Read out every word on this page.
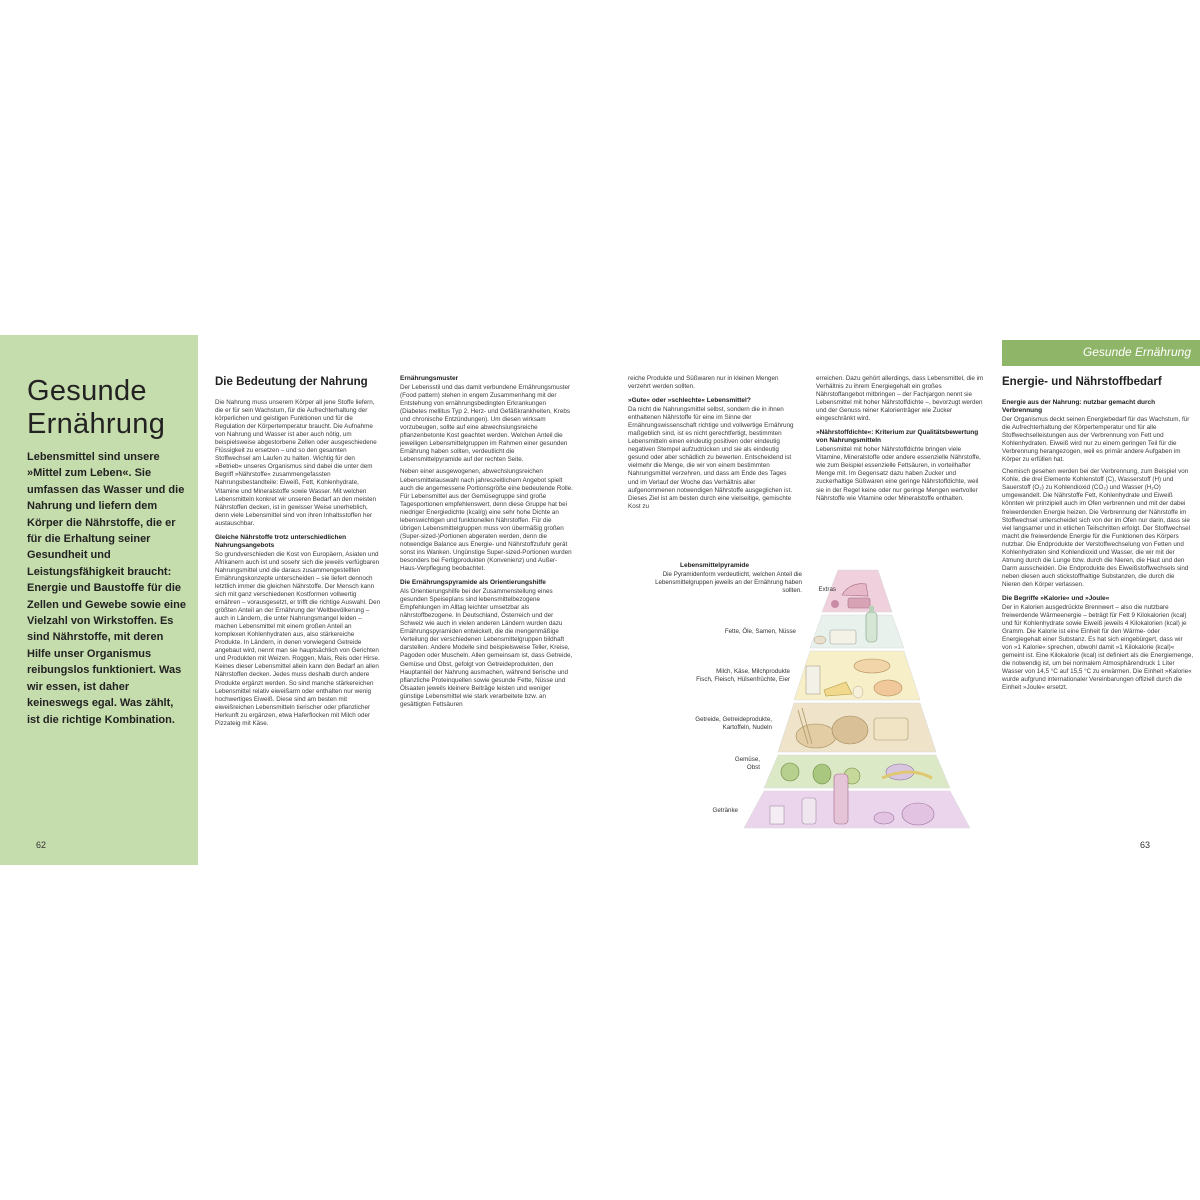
Gesunde Ernährung

Lebensmittel sind unsere »Mittel zum Leben«. Sie umfassen das Wasser und die Nahrung und liefern dem Körper die Nährstoffe, die er für die Erhaltung seiner Gesundheit und Leistungsfähigkeit braucht: Energie und Baustoffe für die Zellen und Gewebe sowie eine Vielzahl von Wirkstoffen. Es sind Nährstoffe, mit deren Hilfe unser Organismus reibungslos funktioniert. Was wir essen, ist daher keineswegs egal. Was zählt, ist die richtige Kombination.

62
Die Bedeutung der Nahrung

Die Nahrung muss unserem Körper all jene Stoffe liefern, die er für sein Wachstum, für die Aufrechterhaltung der körperlichen und geistigen Funktionen und für die Regulation der Körpertemperatur braucht. Die Aufnahme von Nahrung und Wasser ist aber auch nötig, um beispielsweise abgestorbene Zellen oder ausgeschiedene Flüssigkeit zu ersetzen – und so den gesamten Stoffwechsel am Laufen zu halten. Wichtig für den »Betrieb« unseres Organismus sind dabei die unter dem Begriff »Nährstoffe« zusammengefassten Nahrungsbestandteile: Eiweiß, Fett, Kohlenhydrate, Vitamine und Mineralstoffe sowie Wasser. Mit welchen Lebensmitteln konkret wir unseren Bedarf an den meisten Nährstoffen decken, ist in gewisser Weise unerheblich, denn viele Lebensmittel sind von ihren Inhaltsstoffen her austauschbar.

Gleiche Nährstoffe trotz unterschiedlichen Nahrungsangebots

So grundverschieden die Kost von Europäern, Asiaten und Afrikanern auch ist und sosehr sich die jeweils verfügbaren Nahrungsmittel und die daraus zusammengestellten Ernährungskonzepte unterscheiden – sie liefert dennoch letztlich immer die gleichen Nährstoffe. Der Mensch kann sich mit ganz verschiedenen Kostformen vollwertig ernähren – vorausgesetzt, er trifft die richtige Auswahl. Den größten Anteil an der Ernährung der Weltbevölkerung – auch in Ländern, die unter Nahrungsmangel leiden – machen Lebensmittel mit einem großen Anteil an komplexen Kohlenhydraten aus, also stärkereiche Produkte. In Ländern, in denen vorwiegend Getreide angebaut wird, nennt man sie hauptsächlich von Gerichten und Produkten mit Weizen. Roggen, Mais, Reis oder Hirse. Keines dieser Lebensmittel allein kann den Bedarf an allen Nährstoffen decken. Jedes muss deshalb durch andere Produkte ergänzt werden. So sind manche stärkereichen Lebensmittel relativ eiweißarm oder enthalten nur wenig hochwertiges Eiweiß. Diese sind am besten mit eiweißreichen Lebensmitteln tierischer oder pflanzlicher Herkunft zu ergänzen, etwa Haferflocken mit Milch oder Pizzateig mit Käse.

Ernährungsmuster

Der Lebensstil und das damit verbundene Ernährungsmuster (Food pattern) stehen in engem Zusammenhang mit der Entstehung von ernährungsbedingten Erkrankungen (Diabetes mellitus Typ 2, Herz- und Gefäßkrankheiten, Krebs und chronische Entzündungen). Um diesen wirksam vorzubeugen, sollte auf eine abwechslungsreiche pflanzenbetonte Kost geachtet werden. Welchen Anteil die jeweiligen Lebensmittelgruppen im Rahmen einer gesunden Ernährung haben sollten, verdeutlicht die Lebensmittelpyramide auf der rechten Seite.

Neben einer ausgewogenen, abwechslungsreichen Lebensmittelauswahl nach jahreszeitlichem Angebot spielt auch die angemessene Portionsgröße eine bedeutende Rolle. Für Lebensmittel aus der Gemüsegruppe sind große Tagesportionen empfehlenswert, denn diese Gruppe hat bei niedriger Energiedichte (kcal/g) eine sehr hohe Dichte an lebenswichtigen und funktionellen Nährstoffen. Für die übrigen Lebensmittelgruppen muss von übermäßig großen (Super-sized-)Portionen abgeraten werden, denn die notwendige Balance aus Energie- und Nährstoffzufuhr gerät sonst ins Wanken. Ungünstige Super-sized-Portionen wurden besonders bei Fertigprodukten (Konvenienz) und Außer-Haus-Verpflegung beobachtet.

Die Ernährungspyramide als Orientierungshilfe

Als Orientierungshilfe bei der Zusammenstellung eines gesunden Speiseplans sind lebensmittelbezogene Empfehlungen im Alltag leichter umsetzbar als nährstoffbezogene. In Deutschland, Österreich und der Schweiz wie auch in vielen anderen Ländern wurden dazu Ernährungspyramiden entwickelt, die die mengenmäßige Verteilung der verschiedenen Lebensmittelgruppen bildhaft darstellen. Andere Modelle sind beispielsweise Teller, Kreise, Pagoden oder Muscheln. Allen gemeinsam ist, dass Getreide, Gemüse und Obst, gefolgt von Getreideprodukten, den Hauptanteil der Nahrung ausmachen, während tierische und pflanzliche Proteinquellen sowie gesunde Fette, Nüsse und Ölsaaten jeweils kleinere Beiträge leisten und weniger günstige Lebensmittel wie stark verarbeitete bzw. an gesättigten Fettsäuren

Gesunde Ernährung

reiche Produkte und Süßwaren nur in kleinen Mengen verzehrt werden sollten.

»Gute« oder »schlechte« Lebensmittel?

Da nicht die Nahrungsmittel selbst, sondern die in ihnen enthaltenen Nährstoffe für eine im Sinne der Ernährungswissenschaft richtige und vollwertige Ernährung maßgeblich sind, ist es nicht gerechtfertigt, bestimmten Lebensmitteln einen eindeutig positiven oder eindeutig negativen Stempel aufzudrücken und sie als eindeutig gesund oder aber schädlich zu bewerten. Entscheidend ist vielmehr die Menge, die wir von einem bestimmten Nahrungsmittel verzehren, und dass am Ende des Tages und im Verlauf der Woche das Verhältnis aller aufgenommenen notwendigen Nährstoffe ausgeglichen ist. Dieses Ziel ist am besten durch eine vielseitige, gemischte Kost zu

erreichen. Dazu gehört allerdings, dass Lebensmittel, die im Verhältnis zu ihrem Energiegehalt ein großes Nährstoffangebot mitbringen – der Fachjargon nennt sie Lebensmittel mit hoher Nährstoffdichte –, bevorzugt werden und der Genuss reiner Kalorienträger wie Zucker eingeschränkt wird.

»Nährstoffdichte«: Kriterium zur Qualitätsbewertung von Nahrungsmitteln

Lebensmittel mit hoher Nährstoffdichte bringen viele Vitamine, Mineralstoffe oder andere essenzielle Nährstoffe, wie zum Beispiel essenzielle Fettsäuren, in vorteilhafter Menge mit. Im Gegensatz dazu haben Zucker und zuckerhaltige Süßwaren eine geringe Nährstoffdichte, weil sie in der Regel keine oder nur geringe Mengen wertvoller Nährstoffe wie Vitamine oder Mineralstoffe enthalten.

Energie- und Nährstoffbedarf
Energie aus der Nahrung: nutzbar gemacht durch Verbrennung

Der Organismus deckt seinen Energiebedarf für das Wachstum, für die Aufrechterhaltung der Körpertemperatur und für alle Stoffwechselleistungen aus der Verbrennung von Fett und Kohlenhydraten. Eiweiß wird nur zu einem geringen Teil für die Verbrennung herangezogen, weil es primär andere Aufgaben im Körper zu erfüllen hat.

Chemisch gesehen werden bei der Verbrennung, zum Beispiel von Kohle, die drei Elemente Kohlenstoff (C), Wasserstoff (H) und Sauerstoff (O₂) zu Kohlendioxid (CO₂) und Wasser (H₂O) umgewandelt. Die Nährstoffe Fett, Kohlenhydrate und Eiweiß könnten wir prinzipiell auch im Ofen verbrennen und mit der dabei freiwerdenden Energie heizen. Die Verbrennung der Nährstoffe im Stoffwechsel unterscheidet sich von der im Ofen nur darin, dass sie viel langsamer und in etlichen Teilschritten erfolgt. Der Stoffwechsel macht die freiwerdende Energie für die Funktionen des Körpers nutzbar. Die Endprodukte der Verstoffwechselung von Fetten und Kohlenhydraten sind Kohlendioxid und Wasser, die wir mit der Atmung durch die Lunge bzw. durch die Nieren, die Haut und den Darm ausscheiden. Die Endprodukte des Eiweißstoffwechsels sind neben diesen auch stickstoffhaltige Substanzen, die durch die Nieren den Körper verlassen.

Die Begriffe »Kalorie« und »Joule«

Der in Kalorien ausgedrückte Brennwert – also die nutzbare freiwerdende Wärmeenergie – beträgt für Fett 9 Kilokalorien (kcal) und für Kohlenhydrate sowie Eiweiß jeweils 4 Kilokalorien (kcal) je Gramm. Die Kalorie ist eine Einheit für den Wärme- oder Energiegehalt einer Substanz. Es hat sich eingebürgert, dass wir von »1 Kalorie« sprechen, obwohl damit »1 Kilokalorie (kcal)« gemeint ist. Eine Kilokalorie (kcal) ist definiert als die Energiemenge, die notwendig ist, um bei normalem Atmosphärendruck 1 Liter Wasser von 14,5 °C auf 15,5 °C zu erwärmen. Die Einheit »Kalorie« wurde aufgrund internationaler Vereinbarungen offiziell durch die Einheit »Joule« ersetzt.

63
Lebensmittelpyramide
Die Pyramidenform verdeutlicht, welchen Anteil die Lebensmittelgruppen jeweils an der Ernährung haben sollten.	Extras
Fette, Öle, Samen, Nüsse
Milch, Käse, Milchprodukte
Fisch, Fleisch, Hülsenfrüchte, Eier
Getreide, Getreideprodukte,
Kartoffeln, Nudeln
Gemüse,
Obst
Getränke
